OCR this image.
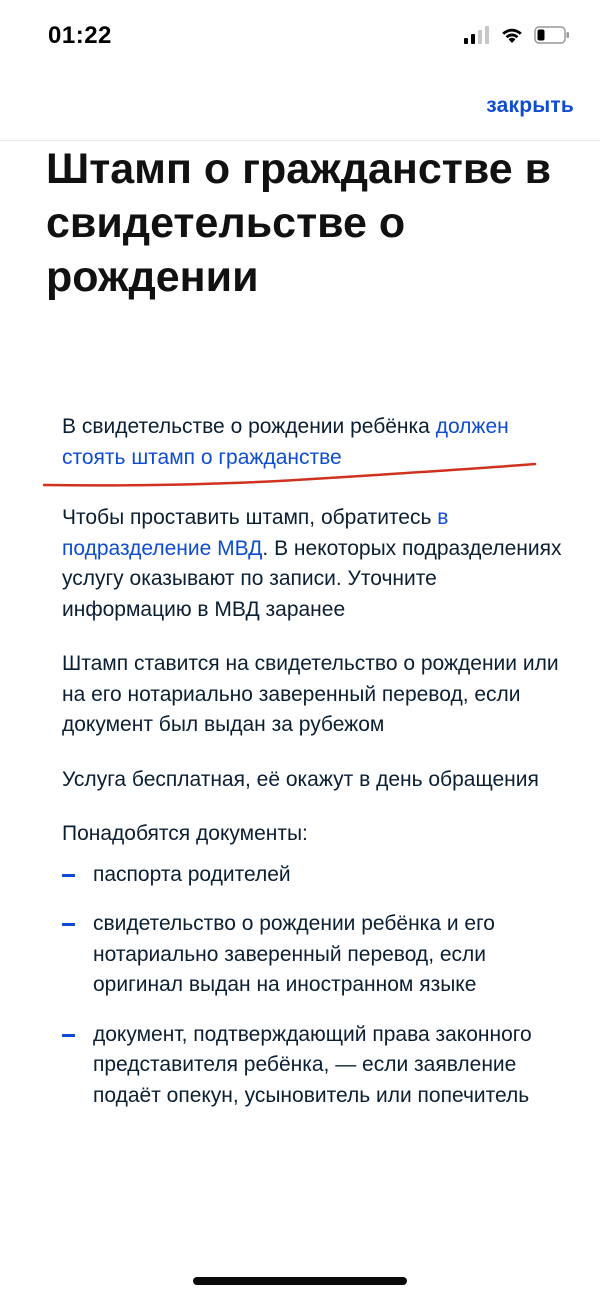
01:22
закрыть
Штамп о гражданстве в свидетельстве о рождении

В свидетельстве о рождении ребёнка должен стоять штамп о гражданстве

Чтобы проставить штамп, обратитесь в подразделение МВД. В некоторых подразделениях услугу оказывают по записи. Уточните информацию в МВД заранее

Штамп ставится на свидетельство о рождении или на его нотариально заверенный перевод, если документ был выдан за рубежом

Услуга бесплатная, её окажут в день обращения

Понадобятся документы:

паспорта родителей
свидетельство о рождении ребёнка и его нотариально заверенный перевод, если оригинал выдан на иностранном языке
документ, подтверждающий права законного представителя ребёнка, — если заявление подаёт опекун, усыновитель или попечитель
